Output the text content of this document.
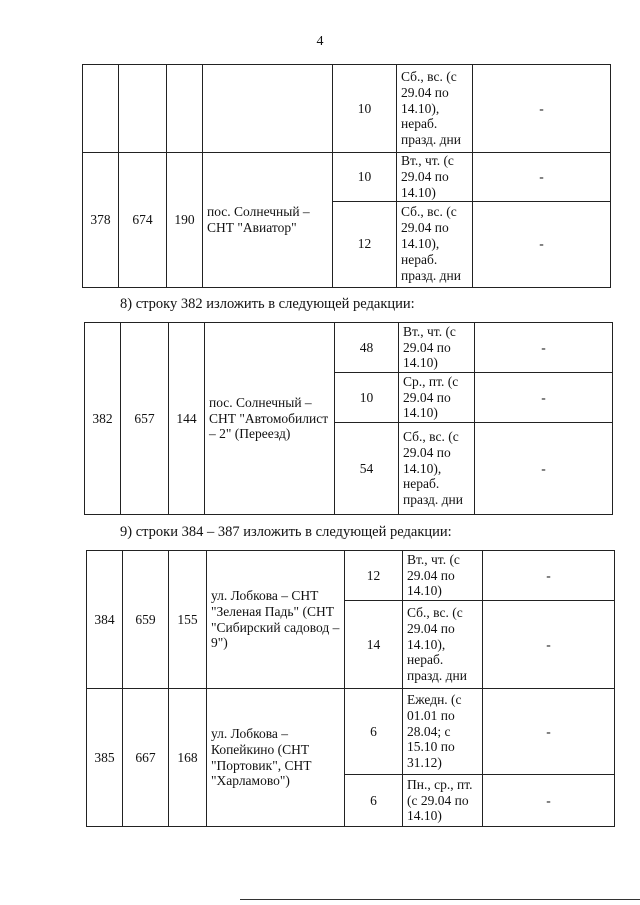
4
				10	Сб., вс. (с 29.04 по 14.10), нераб. празд. дни	-
378	674	190	пос. Солнечный – СНТ "Авиатор"	10	Вт., чт. (с 29.04 по 14.10)	-
				12	Сб., вс. (с 29.04 по 14.10), нераб. празд. дни	-
8) строку 382 изложить в следующей редакции:
382	657	144	пос. Солнечный – СНТ "Автомобилист – 2" (Переезд)	48	Вт., чт. (с 29.04 по 14.10)	-
				10	Ср., пт. (с 29.04 по 14.10)	-
				54	Сб., вс. (с 29.04 по 14.10), нераб. празд. дни	-
9) строки 384 – 387 изложить в следующей редакции:
384	659	155	ул. Лобкова – СНТ "Зеленая Падь" (СНТ "Сибирский садовод – 9")	12	Вт., чт. (с 29.04 по 14.10)	-
				14	Сб., вс. (с 29.04 по 14.10), нераб. празд. дни	-
385	667	168	ул. Лобкова – Копейкино (СНТ "Портовик", СНТ "Харламово")	6	Ежедн. (с 01.01 по 28.04; с 15.10 по 31.12)	-
				6	Пн., ср., пт. (с 29.04 по 14.10)	-
